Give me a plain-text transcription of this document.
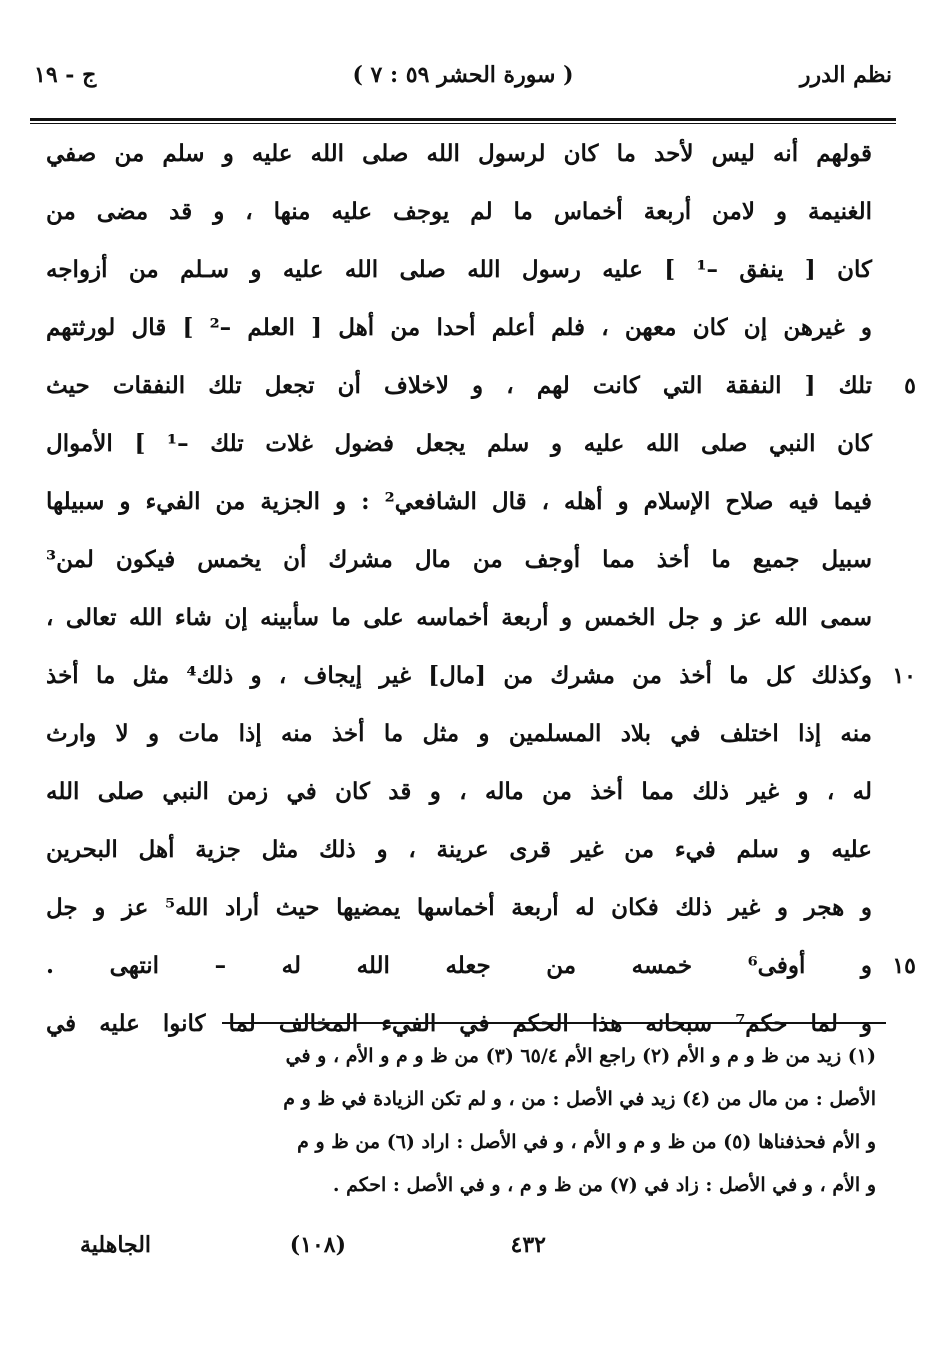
نظم الدرر
( سورة الحشر ٥٩ : ٧ )
ج - ١٩
قولهم أنه ليس لأحد ما كان لرسول الله صلى الله عليه و سلم من صفي
الغنيمة و لامن أربعة أخماس ما لم يوجف عليه منها ، و قد مضى من
كان [ ينفق –¹ ] عليه رسول الله صلى الله عليه و سـلم من أزواجه
و غيرهن إن كان معهن ، فلم أعلم أحدا من أهل [ العلم –² ] قال لورثتهم
تلك [ النفقة التي كانت لهم ، و لاخلاف أن تجعل تلك النفقات حيث	٥
كان النبي صلى الله عليه و سلم يجعل فضول غلات تلك –¹ ] الأموال
فيما فيه صلاح الإسلام و أهله ، قال الشافعي² : و الجزية من الفيء و سبيلها
سبيل جميع ما أخذ مما أوجف من مال مشرك أن يخمس فيكون لمن³
سمى الله عز و جل الخمس و أربعة أخماسه على ما سأبينه إن شاء الله تعالى ،
وكذلك كل ما أخذ من مشرك من [مال] غير إيجاف ، و ذلك⁴ مثل ما أخذ ١٠
منه إذا اختلف في بلاد المسلمين و مثل ما أخذ منه إذا مات و لا وارث
له ، و غير ذلك مما أخذ من ماله ، و قد كان في زمن النبي صلى الله
عليه و سلم فيء من غير قرى عرينة ، و ذلك مثل جزية أهل البحرين
و هجر و غير ذلك فكان له أربعة أخماسها يمضيها حيث أراد الله⁵ عز و جل
و أوفى⁶ خمسه من جعله الله له – انتهى . ١٥
و لما حكم⁷ سبحانه هذا الحكم في الفيء المخالف لما كانوا عليه في
(١) زيد من ظ و م و الأم (٢) راجع الأم ٦٥/٤ (٣) من ظ و م و الأم ، و في
الأصل : من مال من (٤) زيد في الأصل : من ، و لم تكن الزيادة في ظ و م
و الأم فحذفناها (٥) من ظ و م و الأم ، و في الأصل : اراد (٦) من ظ و م
و الأم ، و في الأصل : زاد في (٧) من ظ و م ، و في الأصل : احكم .
٤٣٢
(١٠٨)
الجاهلية
